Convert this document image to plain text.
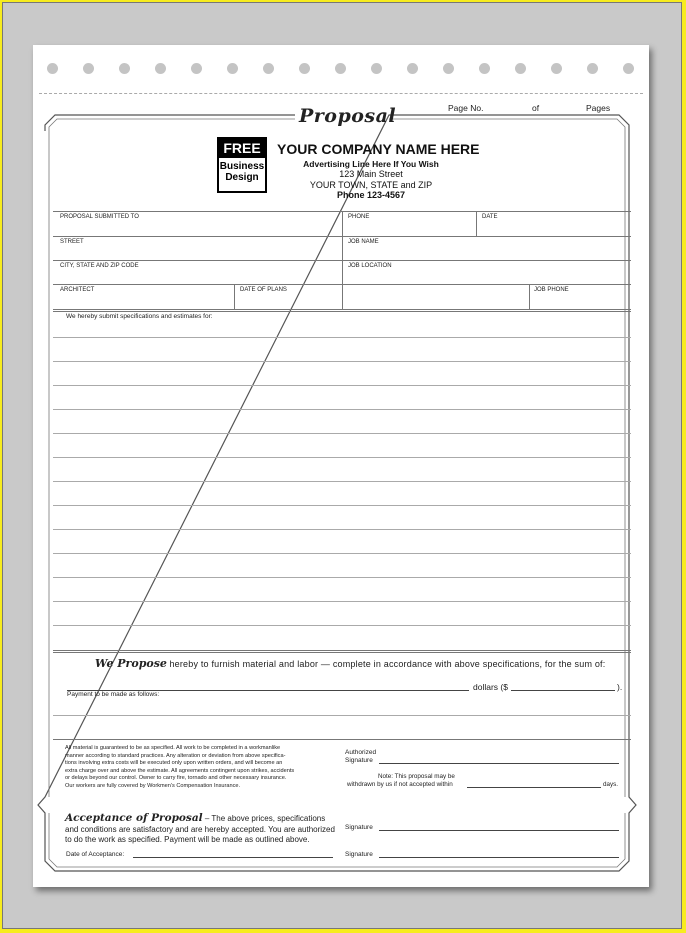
Proposal	Page No.	of	Pages
FREE
Business
Design
YOUR COMPANY NAME HERE
Advertising Line Here If You Wish
123 Main Street
YOUR TOWN, STATE and ZIP
Phone 123-4567
PROPOSAL SUBMITTED TO	PHONE	DATE
STREET	JOB NAME
CITY, STATE AND ZIP CODE	JOB LOCATION
ARCHITECT	DATE OF PLANS	JOB PHONE
We hereby submit specifications and estimates for:
We Propose hereby to furnish material and labor — complete in accordance with above specifications, for the sum of:
dollars ($	).
Payment to be made as follows:
All material is guaranteed to be as specified. All work to be completed in a workmanlike
manner according to standard practices. Any alteration or deviation from above specifica-
tions involving extra costs will be executed only upon written orders, and will become an
extra charge over and above the estimate. All agreements contingent upon strikes, accidents
or delays beyond our control. Owner to carry fire, tornado and other necessary insurance.
Our workers are fully covered by Workmen's Compensation Insurance.
Authorized
Signature
Note: This proposal may be
withdrawn by us if not accepted within	days.
Acceptance of Proposal – The above prices, specifications
and conditions are satisfactory and are hereby accepted. You are authorized
to do the work as specified. Payment will be made as outlined above.
Date of Acceptance:
Signature
Signature
